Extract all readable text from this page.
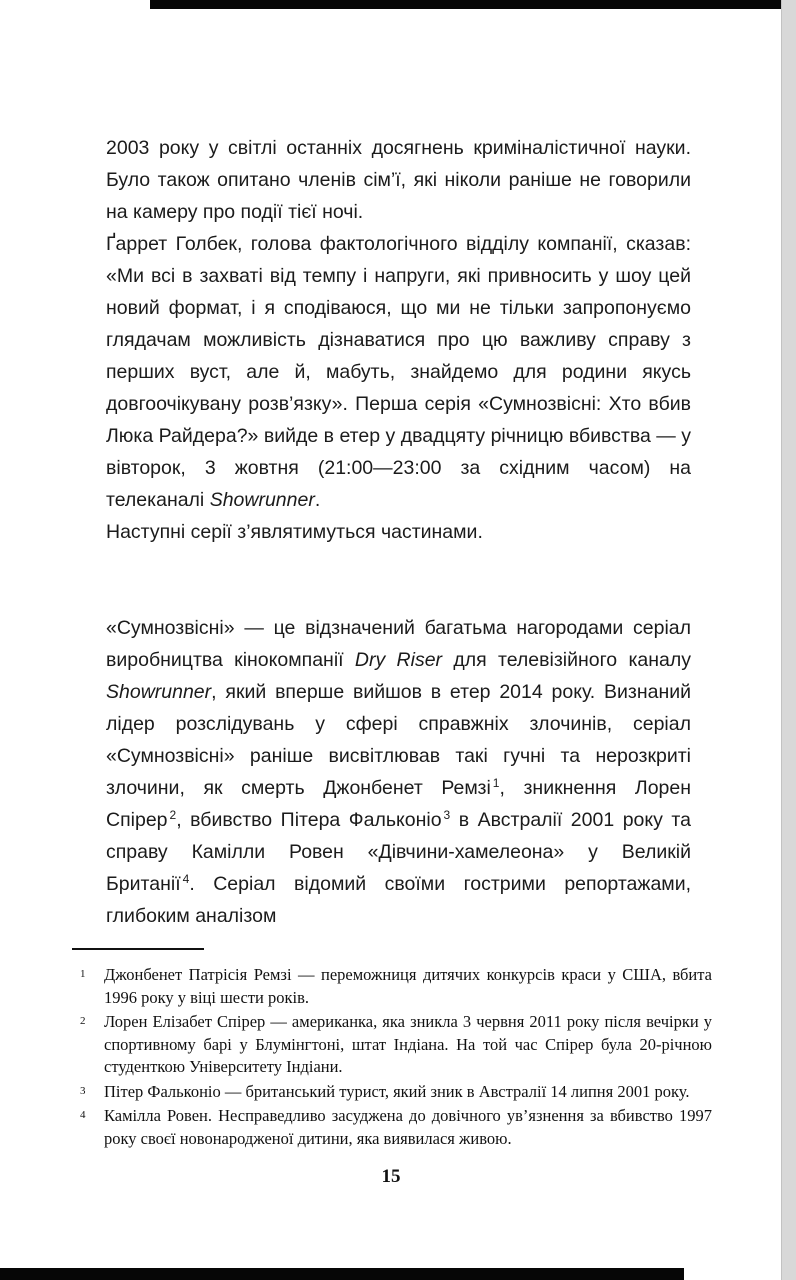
2003 року у світлі останніх досягнень криміналістичної науки. Було також опитано членів сім’ї, які ніколи раніше не говорили на камеру про події тієї ночі.

Ґаррет Голбек, голова фактологічного відділу компанії, сказав: «Ми всі в захваті від темпу і напруги, які привносить у шоу цей новий формат, і я сподіваюся, що ми не тільки запропонуємо глядачам можливість дізнаватися про цю важливу справу з перших вуст, але й, мабуть, знайдемо для родини якусь довгоочікувану розв’язку». Перша серія «Сумнозвісні: Хто вбив Люка Райдера?» вийде в етер у двадцяту річницю вбивства — у вівторок, 3 жовтня (21:00—23:00 за східним часом) на телеканалі Showrunner.

Наступні серії з’являтимуться частинами.

«Сумнозвісні» — це відзначений багатьма нагородами серіал виробництва кінокомпанії Dry Riser для телевізійного каналу Showrunner, який вперше вийшов в етер 2014 року. Визнаний лідер розслідувань у сфері справжніх злочинів, серіал «Сумнозвісні» раніше висвітлював такі гучні та нерозкриті злочини, як смерть Джонбенет Ремзі $^1$, зникнення Лорен Спірер $^2$, вбивство Пітера Фальконіо $^3$ в Австралії 2001 року та справу Камілли Ровен «Дівчини-хамелеона» у Великій Британії $^4$. Серіал відомий своїми гострими репортажами, глибоким аналізом

1 Джонбенет Патрісія Ремзі — переможниця дитячих конкурсів краси у США, вбита 1996 року у віці шести років.
2 Лорен Елізабет Спірер — американка, яка зникла 3 червня 2011 року після вечірки у спортивному барі у Блумінгтоні, штат Індіана. На той час Спірер була 20-річною студенткою Університету Індіани.
3 Пітер Фальконіо — британський турист, який зник в Австралії 14 липня 2001 року.
4 Камілла Ровен. Несправедливо засуджена до довічного ув’язнення за вбивство 1997 року своєї новонародженої дитини, яка виявилася живою.
15
